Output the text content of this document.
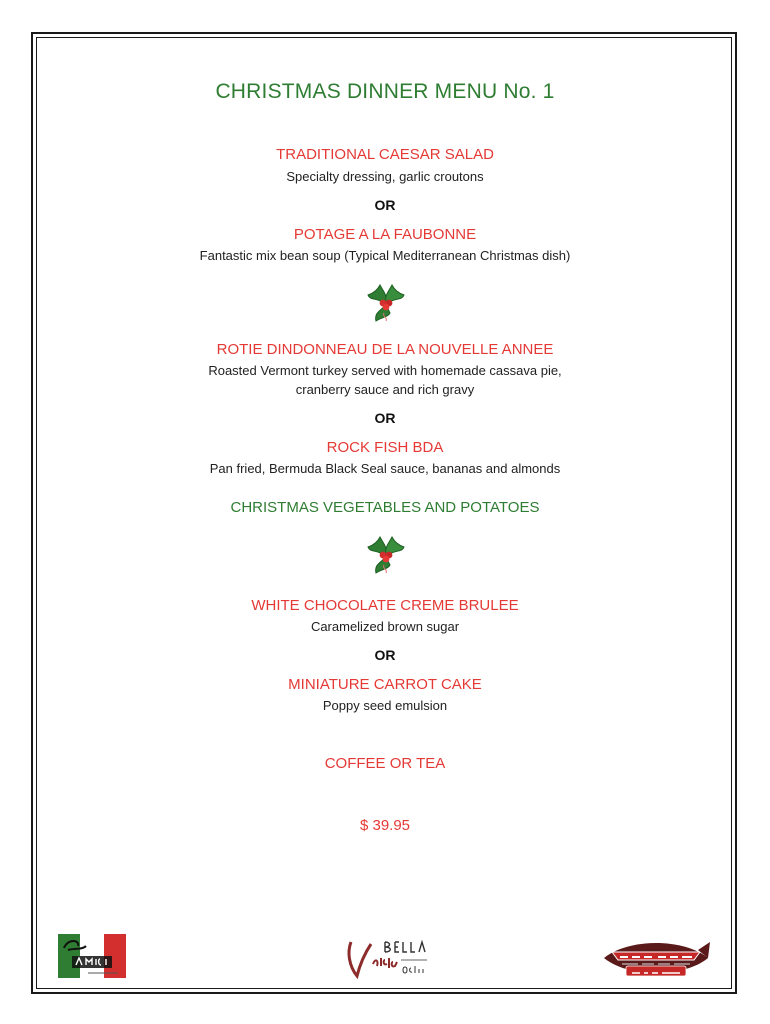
CHRISTMAS DINNER MENU No. 1
TRADITIONAL CAESAR SALAD
Specialty dressing, garlic croutons
OR
POTAGE A LA FAUBONNE
Fantastic mix bean soup (Typical Mediterranean Christmas dish)
ROTIE DINDONNEAU DE LA NOUVELLE ANNEE
Roasted Vermont turkey served with homemade cassava pie,
cranberry sauce and rich gravy
OR
ROCK FISH BDA
Pan fried, Bermuda Black Seal sauce, bananas and almonds
CHRISTMAS VEGETABLES AND POTATOES
WHITE CHOCOLATE CREME BRULEE
Caramelized brown sugar
OR
MINIATURE CARROT CAKE
Poppy seed emulsion
COFFEE OR TEA
$ 39.95
